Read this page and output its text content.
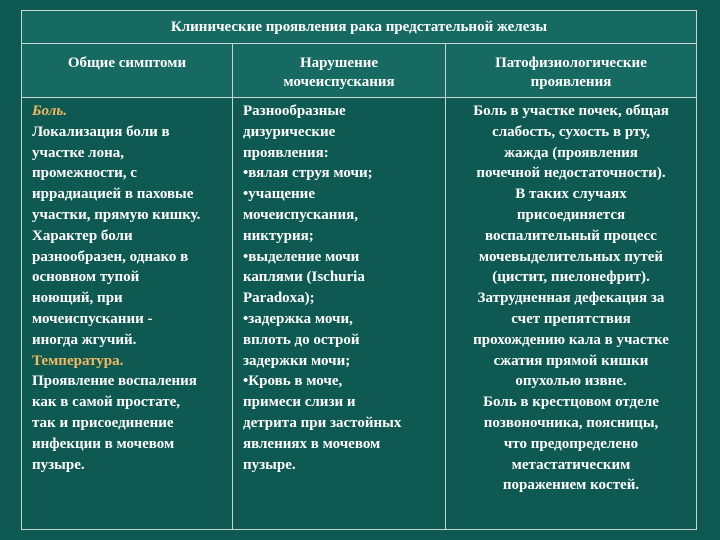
Клинические проявления рака предстательной железы
Общие симптоми	Нарушение
мочеиспускания
Патофизиологические
проявления
Боль.
Локализация боли в
участке лона,
промежности, с
иррадиацией в паховые
участки, прямую кишку.
Характер боли
разнообразен, однако в
основном тупой
ноющий, при
мочеиспускании -
иногда жгучий.
Температура.
Проявление воспаления
как в самой простате,
так и присоединение
инфекции в мочевом
пузыре.
Разнообразные
дизурические
проявления:
•вялая струя мочи;
•учащение
мочеиспускания,
никтурия;
•выделение мочи
каплями (Ischuria
Paradoxa);
•задержка мочи,
вплоть до острой
задержки мочи;
•Кровь в моче,
примеси слизи и
детрита при застойных
явлениях в мочевом
пузыре.
Боль в участке почек, общая
слабость, сухость в рту,
жажда (проявления
почечной недостаточности).
В таких случаях
присоединяется
воспалительный процесс
мочевыделительных путей
(цистит, пиелонефрит).
Затрудненная дефекация за
счет препятствия
прохождению кала в участке
сжатия прямой кишки
опухолью извне.
Боль в крестцовом отделе
позвоночника, поясницы,
что предопределено
метастатическим
поражением костей.
